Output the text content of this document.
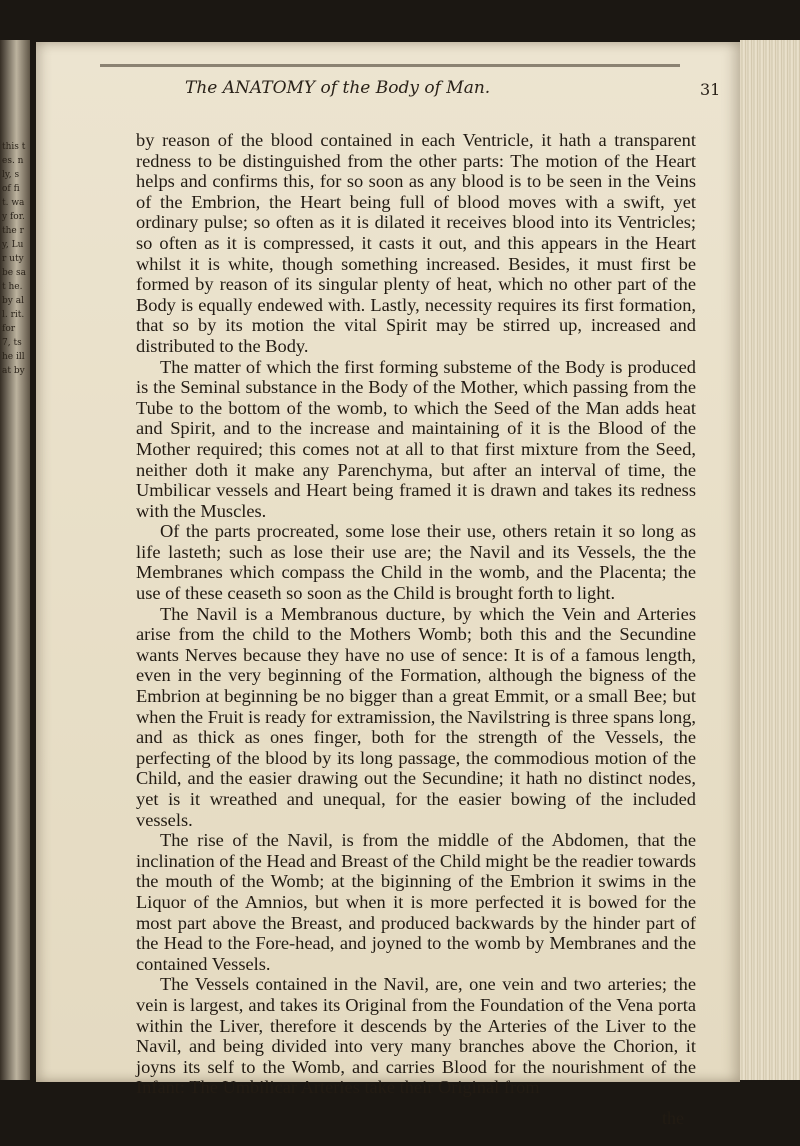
this tes. nly, s of fit. way for. the ry, Lur uty be sat he. by all. rit. for 7, ts he ill at by
The ANATOMY of the Body of Man.	31

by reason of the blood contained in each Ventricle, it hath a transparent redness to be distinguished from the other parts: The motion of the Heart helps and confirms this, for so soon as any blood is to be seen in the Veins of the Embrion, the Heart being full of blood moves with a swift, yet ordinary pulse; so often as it is dilated it receives blood into its Ventricles; so often as it is compressed, it casts it out, and this appears in the Heart whilst it is white, though something increased. Besides, it must first be formed by reason of its singular plenty of heat, which no other part of the Body is equally endewed with. Lastly, necessity requires its first formation, that so by its motion the vital Spirit may be stirred up, increased and distributed to the Body.

The matter of which the first forming substeme of the Body is produced is the Seminal substance in the Body of the Mother, which passing from the Tube to the bottom of the womb, to which the Seed of the Man adds heat and Spirit, and to the increase and maintaining of it is the Blood of the Mother required; this comes not at all to that first mixture from the Seed, neither doth it make any Parenchyma, but after an interval of time, the Umbilicar vessels and Heart being framed it is drawn and takes its redness with the Muscles.

Of the parts procreated, some lose their use, others retain it so long as life lasteth; such as lose their use are; the Navil and its Vessels, the the Membranes which compass the Child in the womb, and the Placenta; the use of these ceaseth so soon as the Child is brought forth to light.

The Navil is a Membranous ducture, by which the Vein and Arteries arise from the child to the Mothers Womb; both this and the Secundine wants Nerves because they have no use of sence: It is of a famous length, even in the very beginning of the Formation, although the bigness of the Embrion at beginning be no bigger than a great Emmit, or a small Bee; but when the Fruit is ready for extramission, the Navilstring is three spans long, and as thick as ones finger, both for the strength of the Vessels, the perfecting of the blood by its long passage, the commodious motion of the Child, and the easier drawing out the Secundine; it hath no distinct nodes, yet is it wreathed and unequal, for the easier bowing of the included vessels.

The rise of the Navil, is from the middle of the Abdomen, that the inclination of the Head and Breast of the Child might be the readier towards the mouth of the Womb; at the biginning of the Embrion it swims in the Liquor of the Amnios, but when it is more perfected it is bowed for the most part above the Breast, and produced backwards by the hinder part of the Head to the Fore-head, and joyned to the womb by Membranes and the contained Vessels.

The Vessels contained in the Navil, are, one vein and two arteries; the vein is largest, and takes its Original from the Foundation of the Vena porta within the Liver, therefore it descends by the Arteries of the Liver to the Navil, and being divided into very many branches above the Chorion, it joyns its self to the Womb, and carries Blood for the nourishment of the Infant: The Umbilicar Arteries take their Original from

the
